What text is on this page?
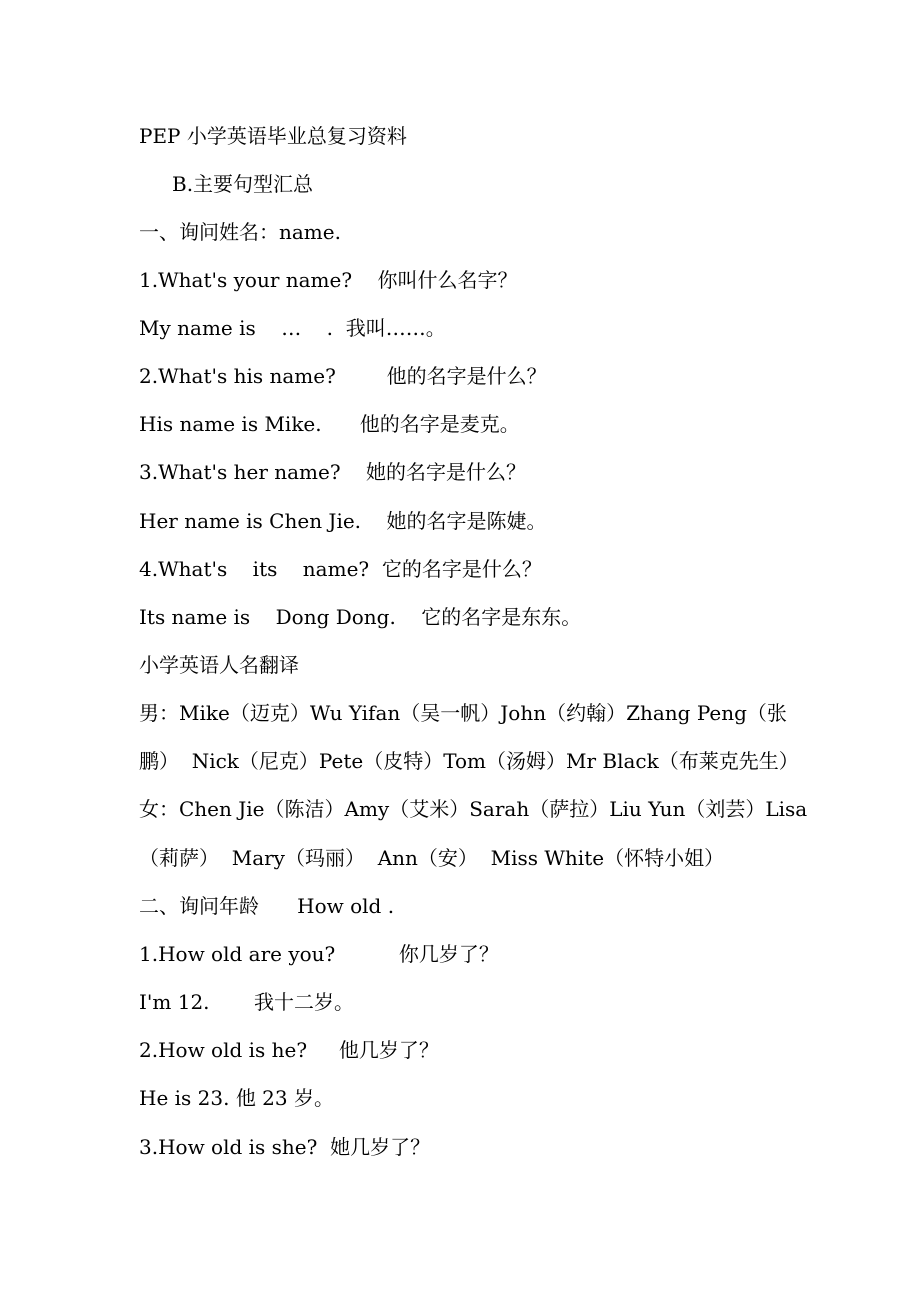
PEP 小学英语毕业总复习资料
B.主要句型汇总
一、询问姓名：name.
1.What's your name?    你叫什么名字？
My name is    …    .  我叫……。
2.What's his name?        他的名字是什么？
His name is Mike.      他的名字是麦克。
3.What's her name?    她的名字是什么？
Her name is Chen Jie.    她的名字是陈婕。
4.What's    its    name?  它的名字是什么？
Its name is    Dong Dong.    它的名字是东东。
小学英语人名翻译
男：Mike（迈克）Wu Yifan（吴一帆）John（约翰）Zhang Peng（张
鹏）  Nick（尼克）Pete（皮特）Tom（汤姆）Mr Black（布莱克先生）
女：Chen Jie（陈洁）Amy（艾米）Sarah（萨拉）Liu Yun（刘芸）Lisa
（莉萨）  Mary（玛丽）  Ann（安）  Miss White（怀特小姐）
二、询问年龄      How old .
1.How old are you?          你几岁了？
I'm 12.       我十二岁。
2.How old is he?     他几岁了？
He is 23. 他 23 岁。
3.How old is she?  她几岁了？
